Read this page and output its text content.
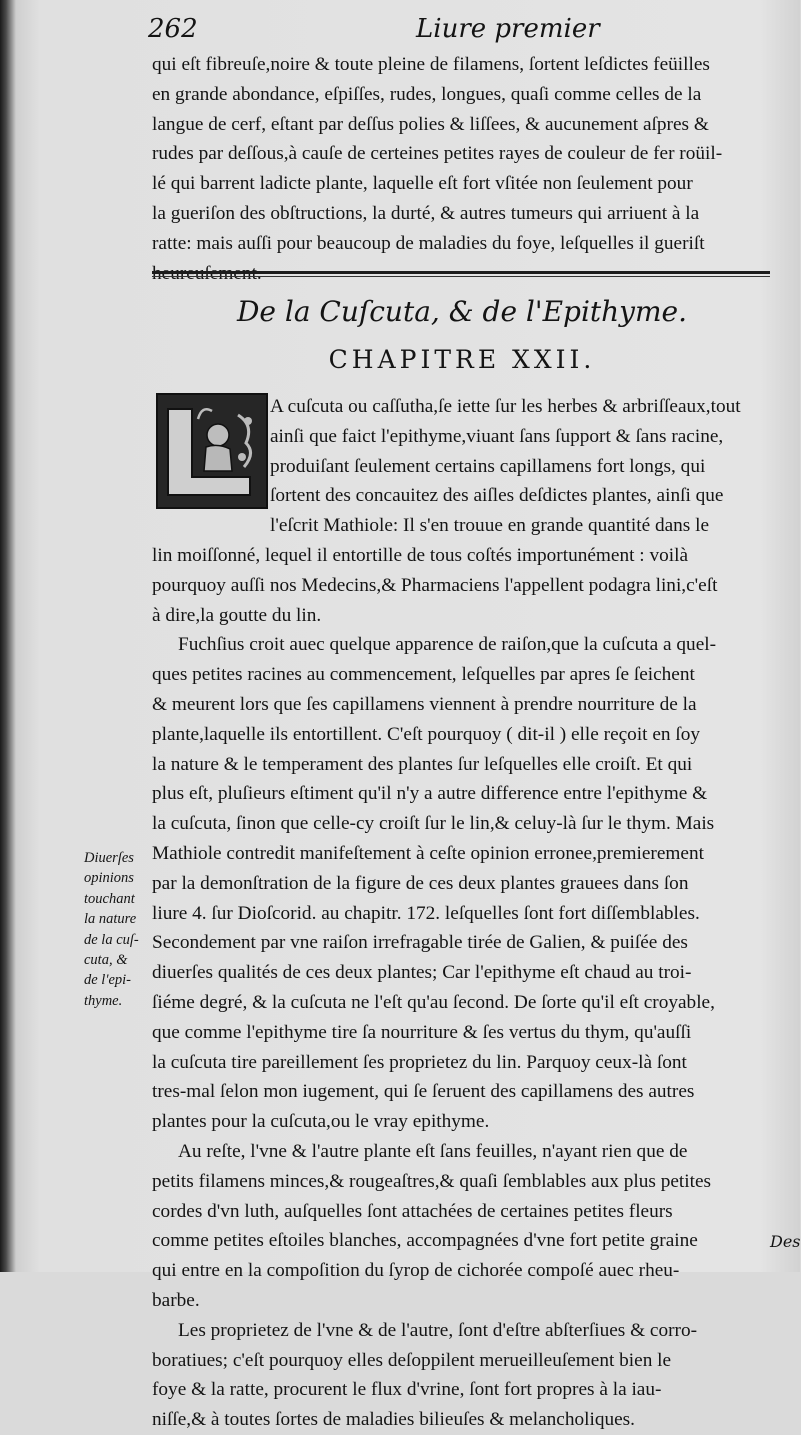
262	Liure premier
qui eſt fibreuſe,noire & toute pleine de filamens, ſortent leſdictes feüilles
en grande abondance, eſpiſſes, rudes, longues, quaſi comme celles de la
langue de cerf, eſtant par deſſus polies & liſſees, & aucunement aſpres &
rudes par deſſous,à cauſe de certeines petites rayes de couleur de fer roüil-
lé qui barrent ladicte plante, laquelle eſt fort vſitée non ſeulement pour
la gueriſon des obſtructions, la durté, & autres tumeurs qui arriuent à la
ratte: mais auſſi pour beaucoup de maladies du foye, leſquelles il gueriſt
De la Cuſcuta, & de l'Epithyme.
CHAPITRE XXII.
A cuſcuta ou caſſutha,ſe iette ſur les herbes & arbriſſeaux,tout
ainſi que faict l'epithyme,viuant ſans ſupport & ſans racine,
produiſant ſeulement certains capillamens fort longs, qui
ſortent des concauitez des aiſles deſdictes plantes, ainſi que
l'eſcrit Mathiole: Il s'en trouue en grande quantité dans le
lin moiſſonné, lequel il entortille de tous coſtés importunément : voilà
pourquoy auſſi nos Medecins,& Pharmaciens l'appellent podagra lini,c'eſt
à dire,la goutte du lin.
Fuchſius croit auec quelque apparence de raiſon,que la cuſcuta a quel-
ques petites racines au commencement, leſquelles par apres ſe ſeichent
& meurent lors que ſes capillamens viennent à prendre nourriture de la
plante,laquelle ils entortillent. C'eſt pourquoy ( dit-il ) elle reçoit en ſoy
la nature & le temperament des plantes ſur leſquelles elle croiſt. Et qui
plus eſt, pluſieurs eſtiment qu'il n'y a autre difference entre l'epithyme &
la cuſcuta, ſinon que celle-cy croiſt ſur le lin,& celuy-là ſur le thym. Mais
Mathiole contredit manifeſtement à ceſte opinion erronee,premierement
par la demonſtration de la figure de ces deux plantes grauees dans ſon
liure 4. ſur Dioſcorid. au chapitr. 172. leſquelles ſont fort diſſemblables.
Secondement par vne raiſon irrefragable tirée de Galien, & puiſée des
diuerſes qualités de ces deux plantes; Car l'epithyme eſt chaud au troi-
ſiéme degré, & la cuſcuta ne l'eſt qu'au ſecond. De ſorte qu'il eſt croyable,
que comme l'epithyme tire ſa nourriture & ſes vertus du thym, qu'auſſi
la cuſcuta tire pareillement ſes proprietez du lin. Parquoy ceux-là ſont
tres-mal ſelon mon iugement, qui ſe ſeruent des capillamens des autres
plantes pour la cuſcuta,ou le vray epithyme.
Au reſte, l'vne & l'autre plante eſt ſans feuilles, n'ayant rien que de
petits filamens minces,& rougeaſtres,& quaſi ſemblables aux plus petites
cordes d'vn luth, auſquelles ſont attachées de certaines petites fleurs
comme petites eſtoiles blanches, accompagnées d'vne fort petite graine
qui entre en la compoſition du ſyrop de cichorée compoſé auec rheu-
barbe.
Les proprietez de l'vne & de l'autre, ſont d'eſtre abſterſiues & corro-
boratiues; c'eſt pourquoy elles deſoppilent merueilleuſement bien le
foye & la ratte, procurent le flux d'vrine, ſont fort propres à la iau-
niſſe,& à toutes ſortes de maladies bilieuſes & melancholiques.
Diuerſes
opinions
touchant
la nature
de la cuſ-
cuta, &
de l'epi-
thyme.
Des
